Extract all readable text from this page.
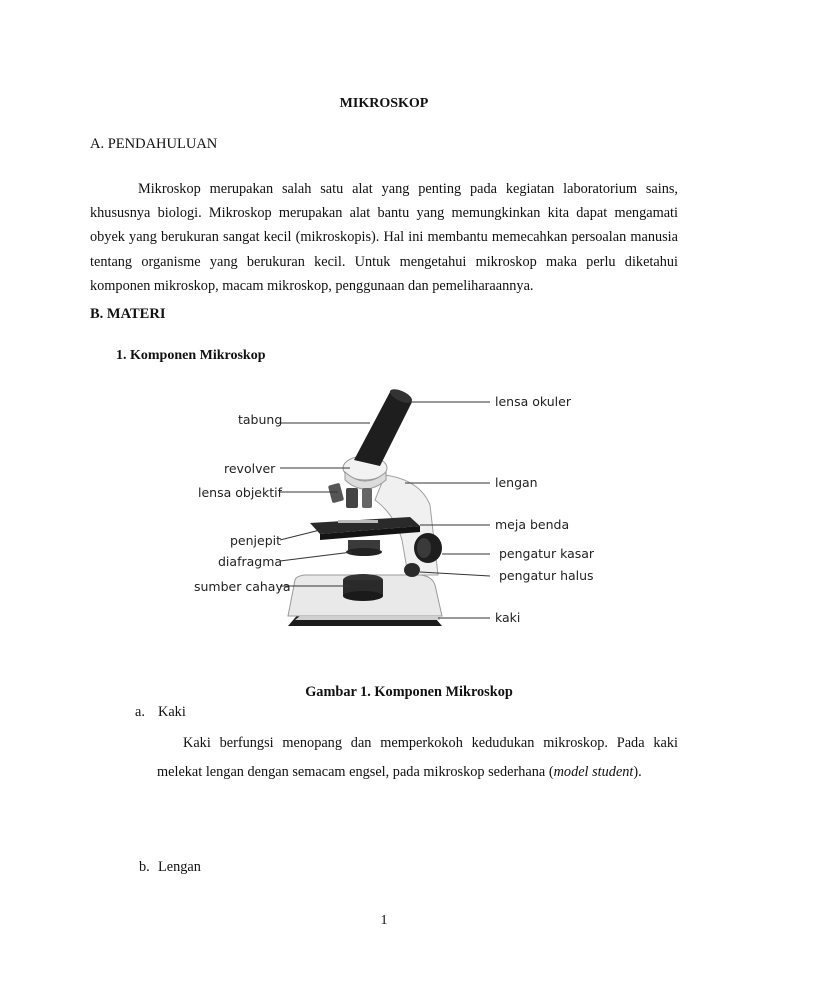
MIKROSKOP
A. PENDAHULUAN

Mikroskop merupakan salah satu alat yang penting pada kegiatan laboratorium sains, khususnya biologi. Mikroskop merupakan alat bantu yang memungkinkan kita dapat mengamati obyek yang berukuran sangat kecil (mikroskopis). Hal ini membantu memecahkan persoalan manusia tentang organisme yang berukuran kecil. Untuk mengetahui mikroskop maka perlu diketahui komponen mikroskop, macam mikroskop, penggunaan dan pemeliharaannya.

B. MATERI
1. Komponen Mikroskop
tabung
revolver
lensa objektif
penjepit
diafragma
sumber cahaya
lensa okuler
lengan
meja benda
pengatur kasar
pengatur halus
kaki
Gambar 1. Komponen Mikroskop
a. Kaki

Kaki berfungsi menopang dan memperkokoh kedudukan mikroskop. Pada kaki melekat lengan dengan semacam engsel, pada mikroskop sederhana (model student).

b. Lengan
1
